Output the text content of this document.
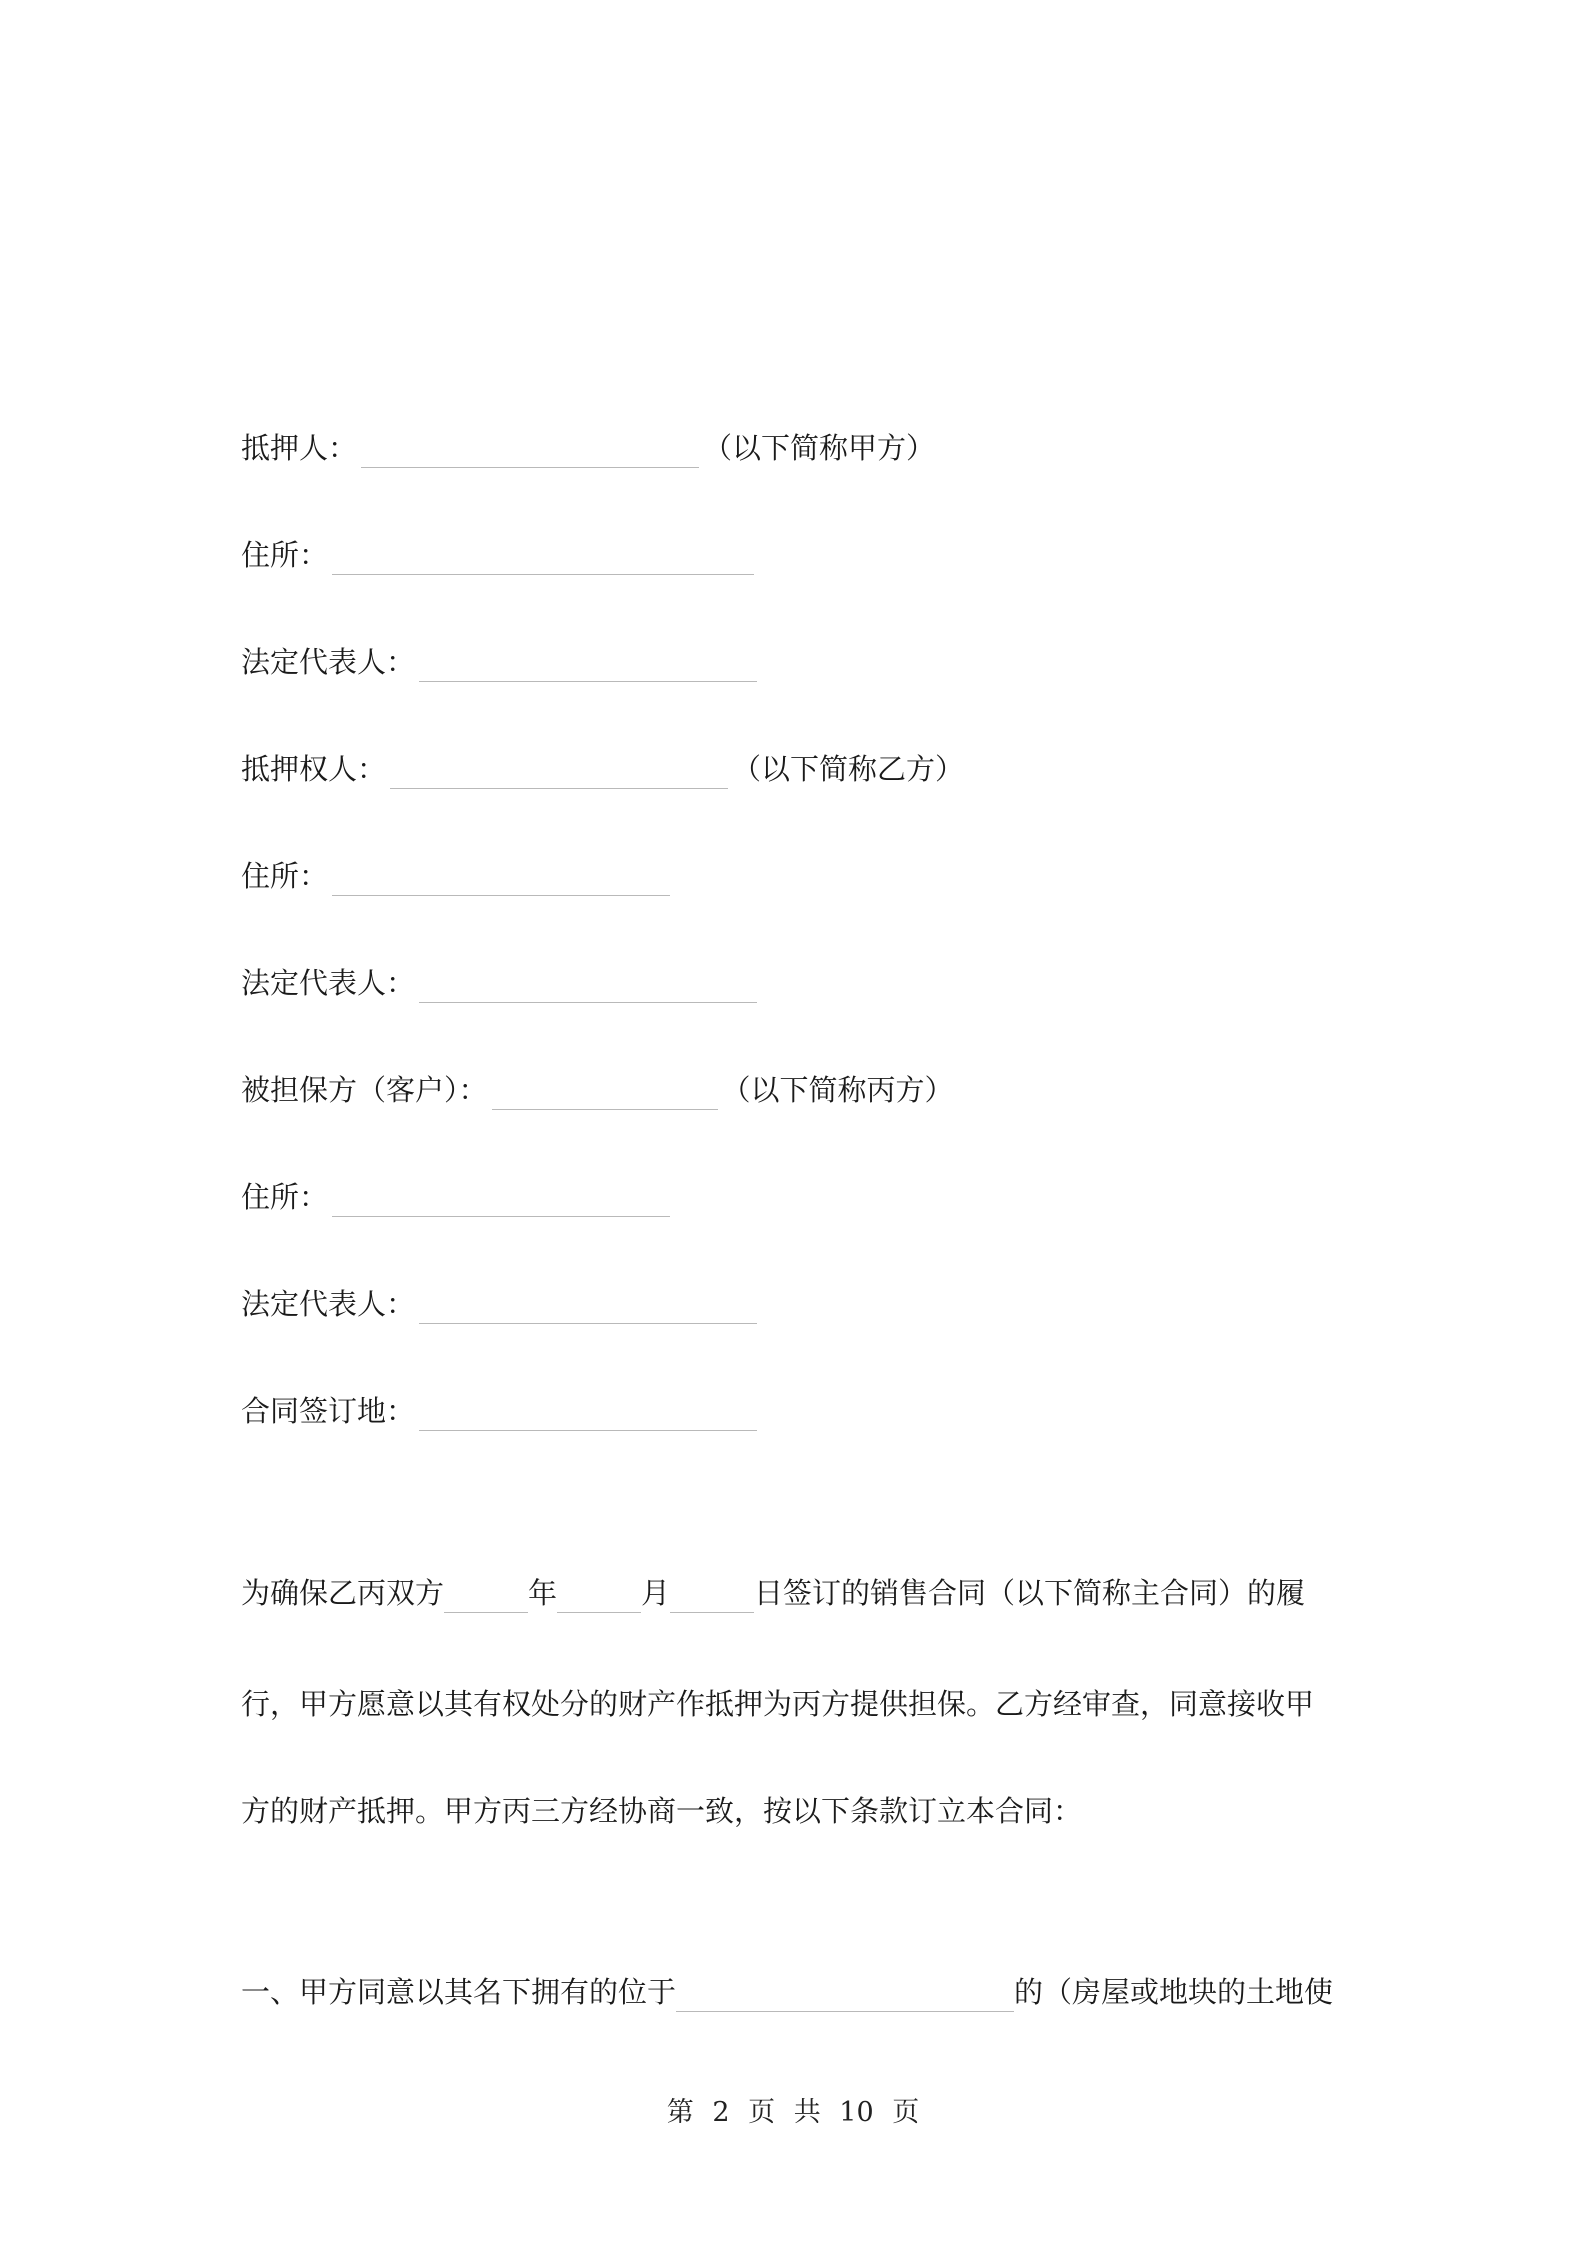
抵押人：	（以下简称甲方）
住所：
法定代表人：
抵押权人：	（以下简称乙方）
住所：
法定代表人：
被担保方（客户）：	（以下简称丙方）
住所：
法定代表人：
合同签订地：
为确保乙丙双方	年	月	日签订的销售合同（以下简称主合同）的履
行，甲方愿意以其有权处分的财产作抵押为丙方提供担保。乙方经审查，同意接收甲
方的财产抵押。甲方丙三方经协商一致，按以下条款订立本合同：
一、甲方同意以其名下拥有的位于	的（房屋或地块的土地使
第 2 页 共 10 页
